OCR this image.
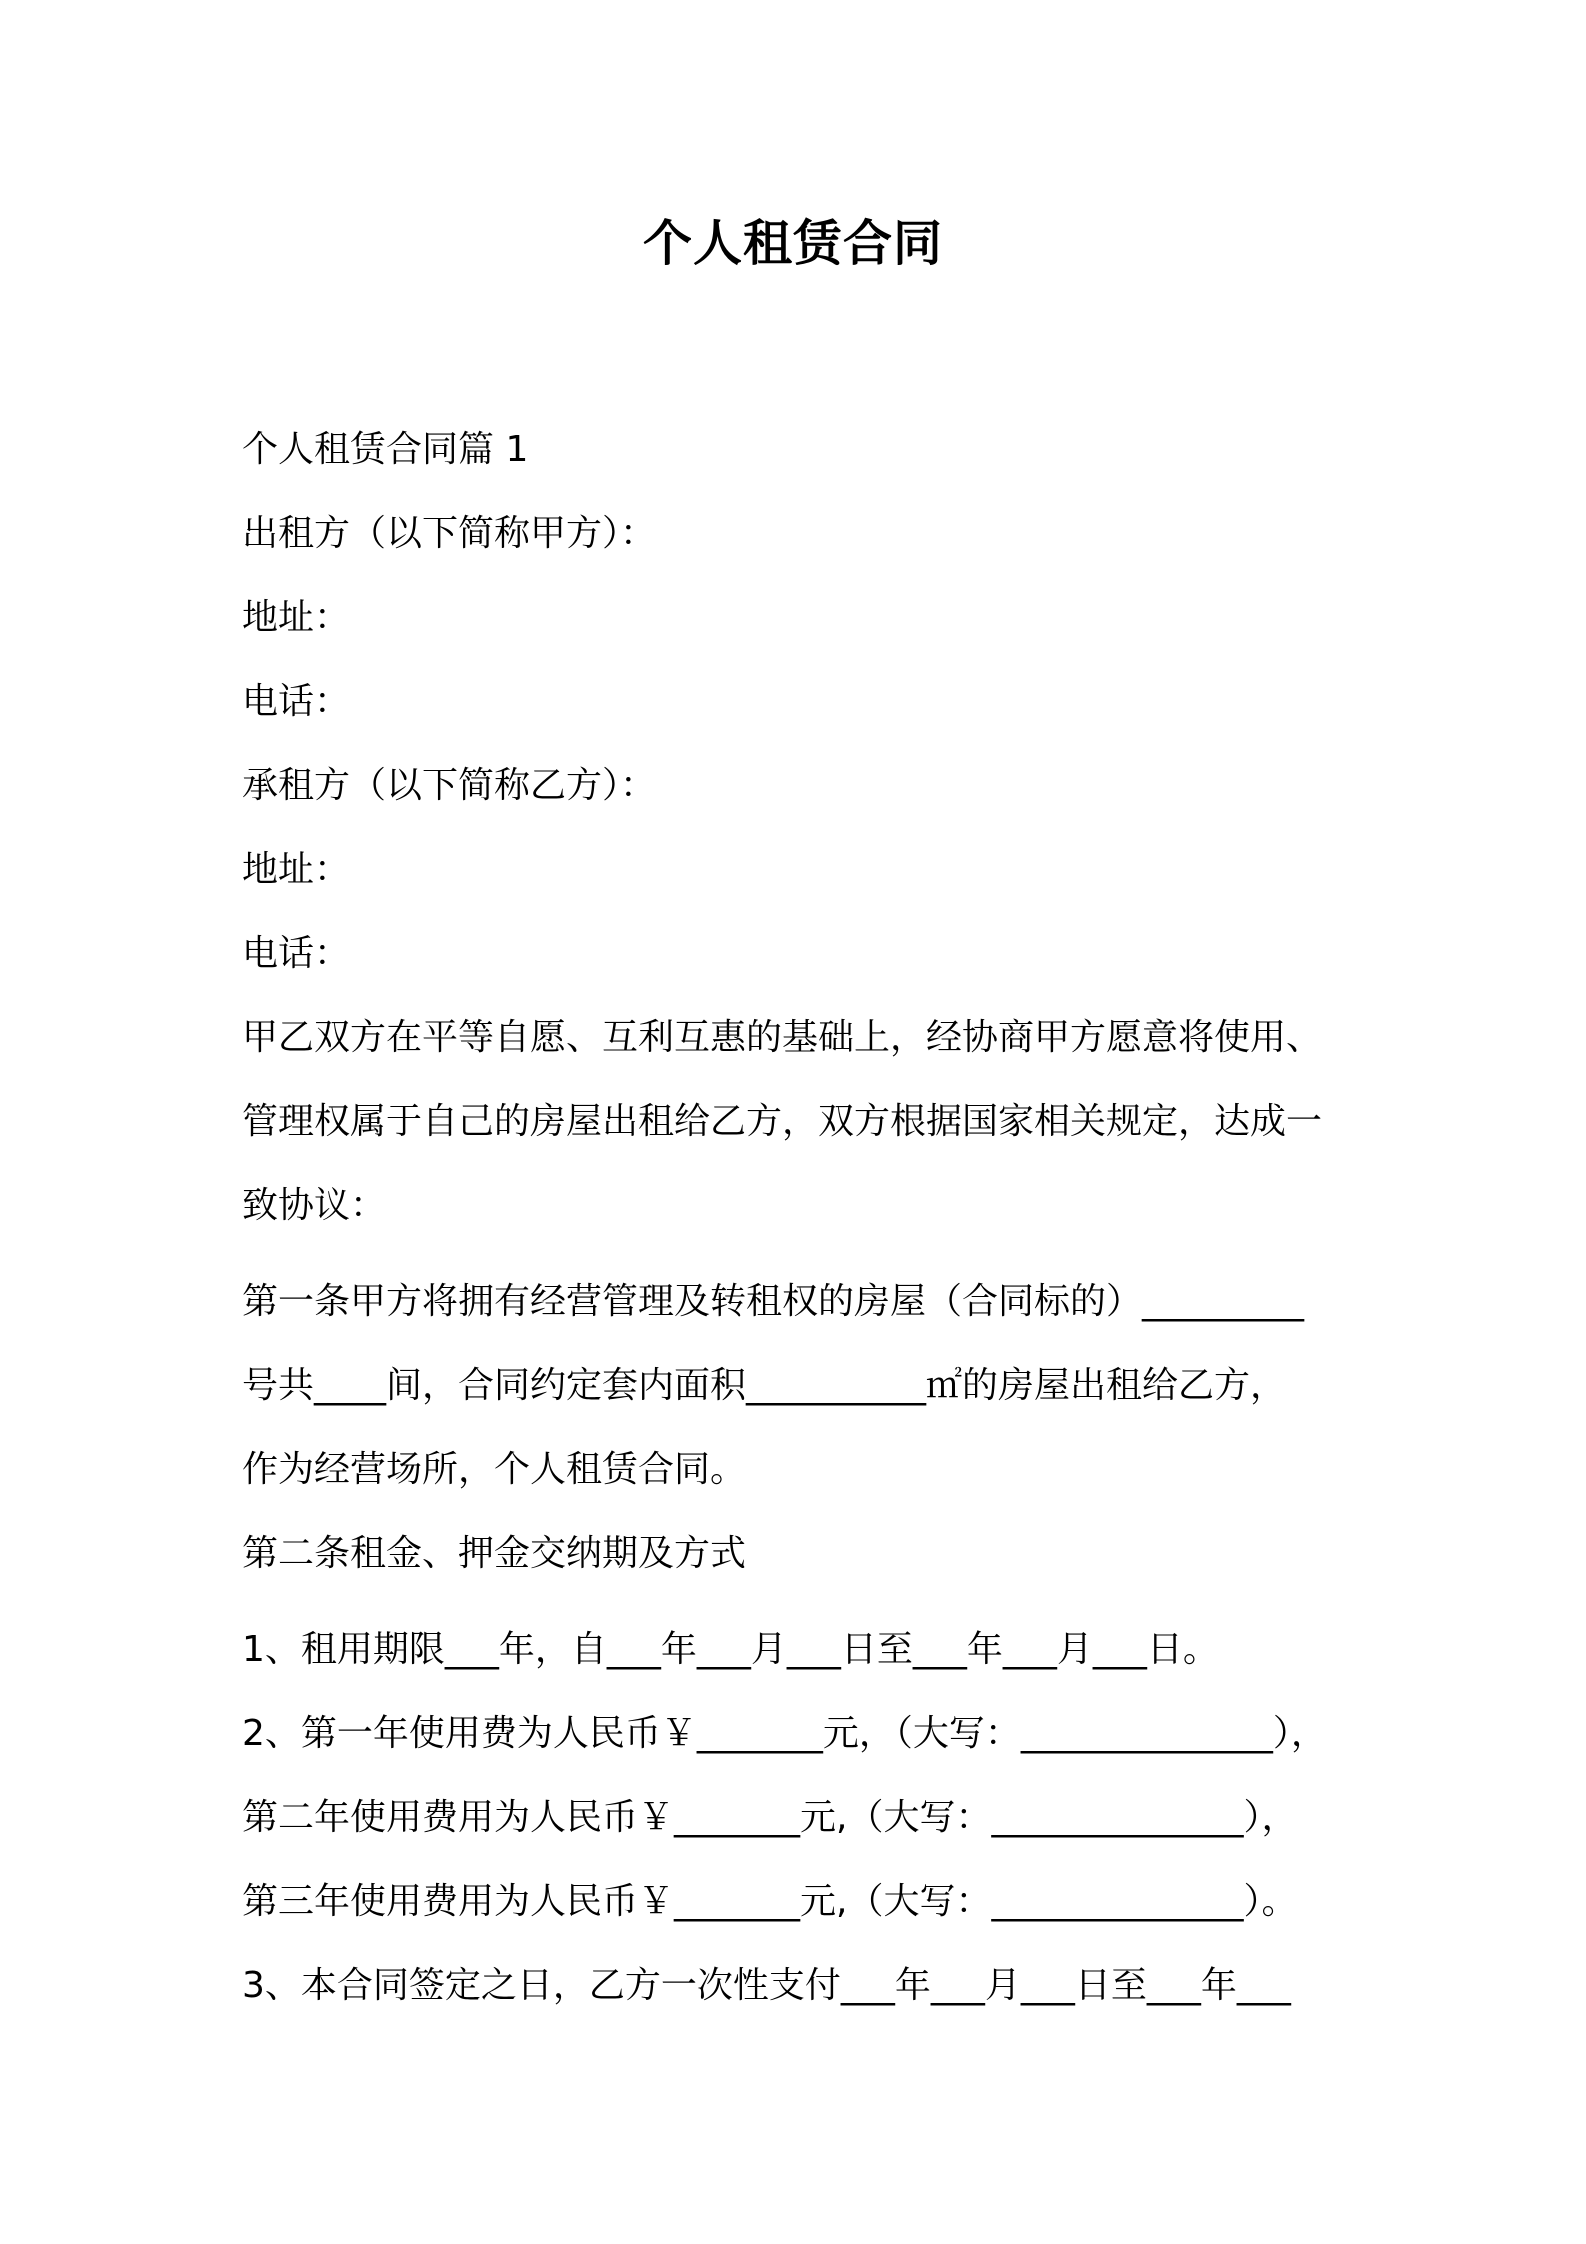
个人租赁合同
个人租赁合同篇 1
出租方（以下简称甲方）：
地址：
电话：
承租方（以下简称乙方）：
地址：
电话：
甲乙双方在平等自愿、互利互惠的基础上，经协商甲方愿意将使用、
管理权属于自己的房屋出租给乙方，双方根据国家相关规定，达成一
致协议：
第一条甲方将拥有经营管理及转租权的房屋（合同标的）_________
号共____间，合同约定套内面积__________㎡的房屋出租给乙方，
作为经营场所，个人租赁合同。
第二条租金、押金交纳期及方式
1、租用期限___年，自___年___月___日至___年___月___日。
2、第一年使用费为人民币￥_______元，（大写：______________），
第二年使用费用为人民币￥_______元,（大写：______________），
第三年使用费用为人民币￥_______元,（大写：______________）。
3、本合同签定之日，乙方一次性支付___年___月___日至___年___
